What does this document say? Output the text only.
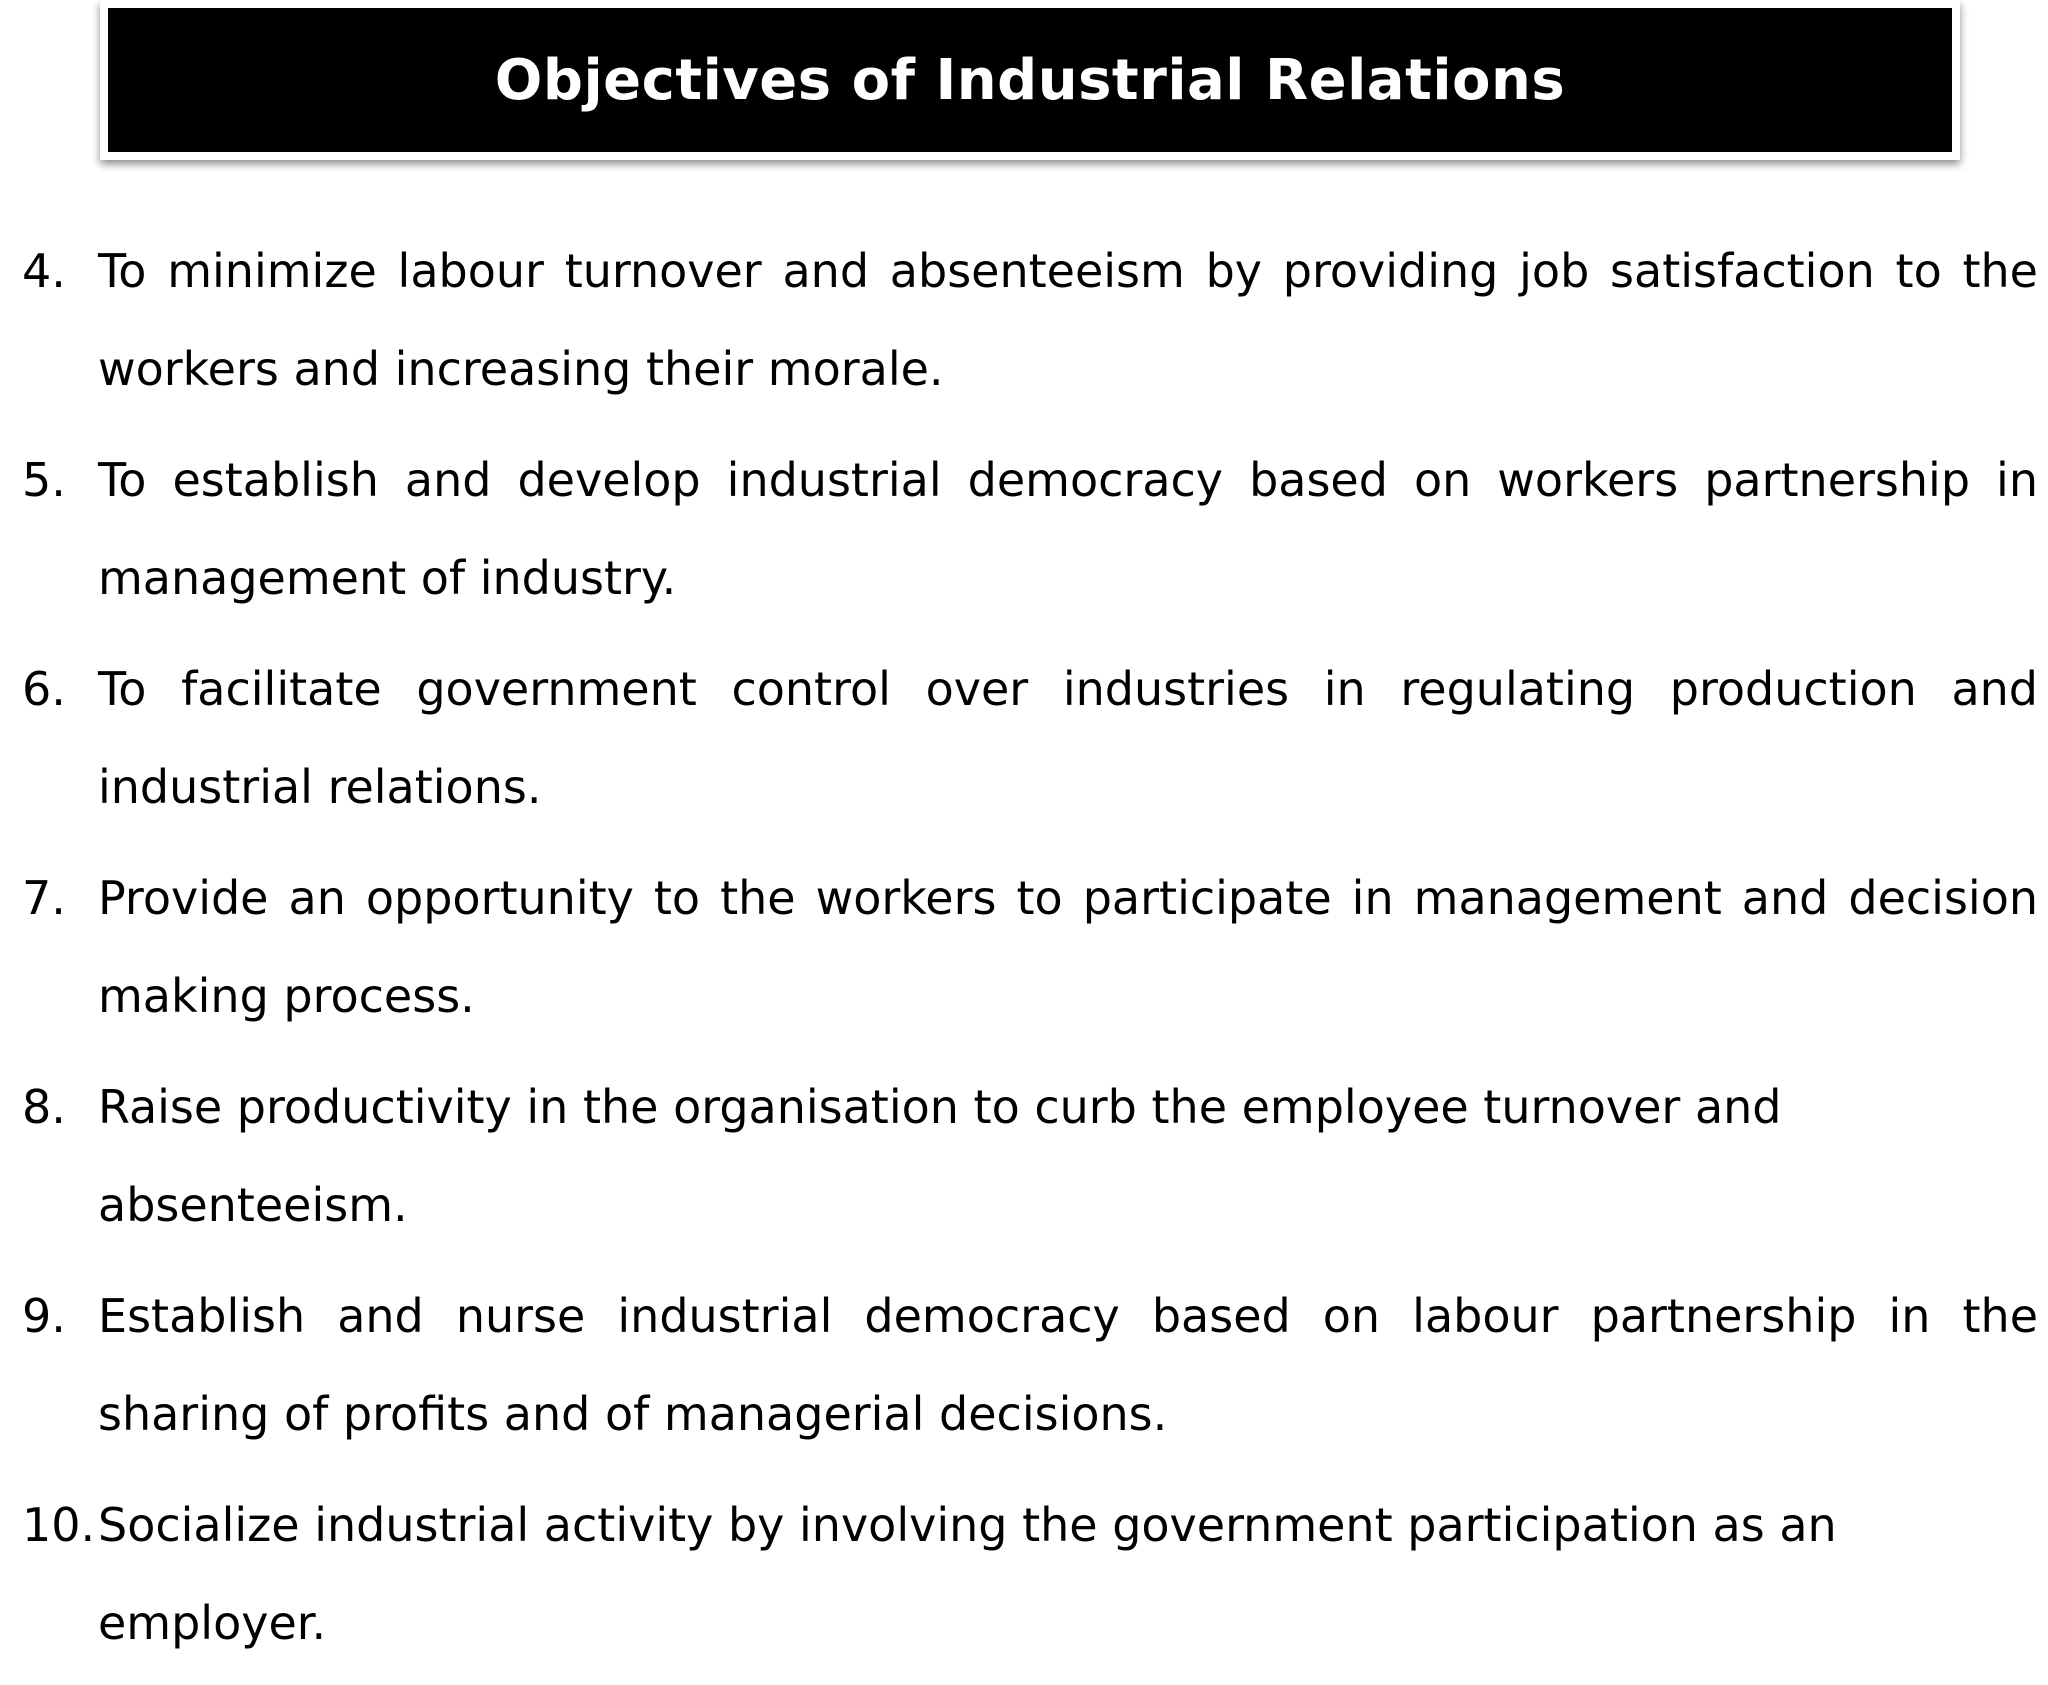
Objectives of Industrial Relations
4. To minimize labour turnover and absenteeism by providing job satisfaction to the workers and increasing their morale.
5. To establish and develop industrial democracy based on workers partnership in management of industry.
6. To facilitate government control over industries in regulating production and industrial relations.
7. Provide an opportunity to the workers to participate in management and decision making process.
8. Raise productivity in the organisation to curb the employee turnover and absenteeism.
9. Establish and nurse industrial democracy based on labour partnership in the sharing of profits and of managerial decisions.
10. Socialize industrial activity by involving the government participation as an employer.
